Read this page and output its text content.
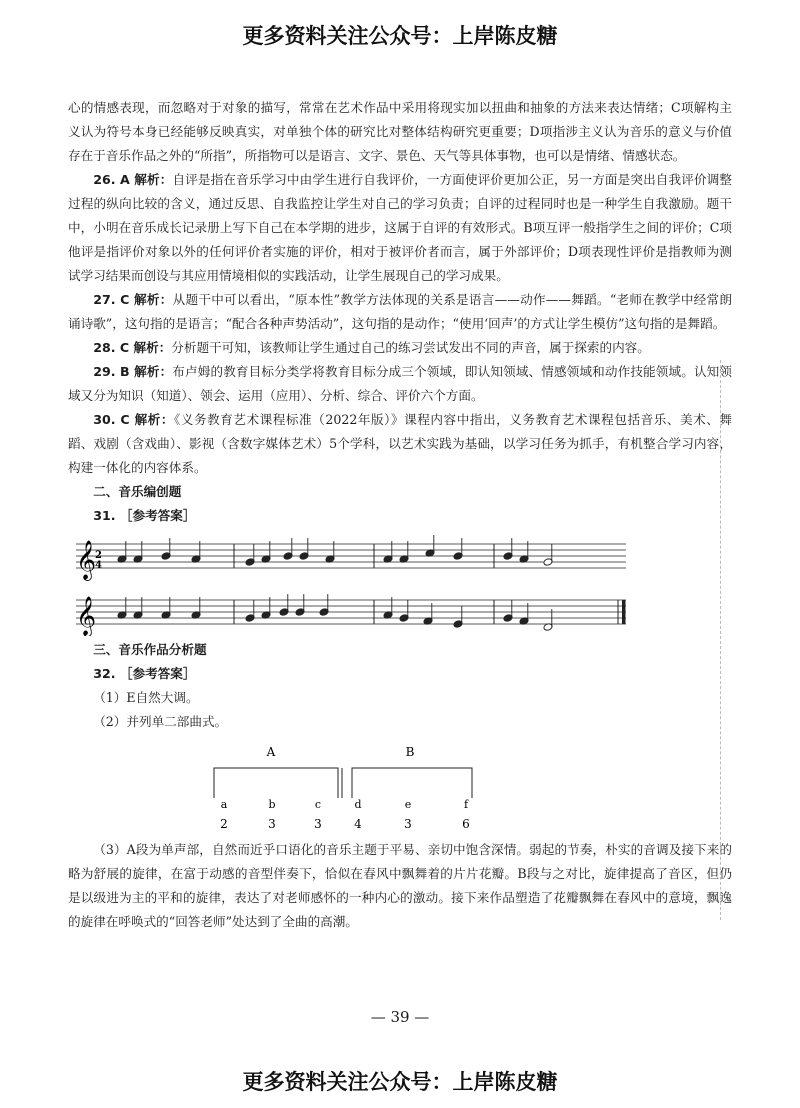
更多资料关注公众号：上岸陈皮糖

心的情感表现，而忽略对于对象的描写，常常在艺术作品中采用将现实加以扭曲和抽象的方法来表达情绪；C项解构主义认为符号本身已经能够反映真实，对单独个体的研究比对整体结构研究更重要；D项指涉主义认为音乐的意义与价值存在于音乐作品之外的“所指”，所指物可以是语言、文字、景色、天气等具体事物，也可以是情绪、情感状态。

26. A 解析：自评是指在音乐学习中由学生进行自我评价，一方面使评价更加公正，另一方面是突出自我评价调整过程的纵向比较的含义，通过反思、自我监控让学生对自己的学习负责；自评的过程同时也是一种学生自我激励。题干中，小明在音乐成长记录册上写下自己在本学期的进步，这属于自评的有效形式。B项互评一般指学生之间的评价；C项他评是指评价对象以外的任何评价者实施的评价，相对于被评价者而言，属于外部评价；D项表现性评价是指教师为测试学习结果而创设与其应用情境相似的实践活动，让学生展现自己的学习成果。

27. C 解析：从题干中可以看出，“原本性”教学方法体现的关系是语言——动作——舞蹈。“老师在教学中经常朗诵诗歌”，这句指的是语言；“配合各种声势活动”，这句指的是动作；“使用‘回声’的方式让学生模仿”这句指的是舞蹈。

28. C 解析：分析题干可知，该教师让学生通过自己的练习尝试发出不同的声音，属于探索的内容。

29. B 解析：布卢姆的教育目标分类学将教育目标分成三个领域，即认知领域、情感领域和动作技能领域。认知领域又分为知识（知道）、领会、运用（应用）、分析、综合、评价六个方面。

30. C 解析：《义务教育艺术课程标准（2022年版）》课程内容中指出，义务教育艺术课程包括音乐、美术、舞蹈、戏剧（含戏曲）、影视（含数字媒体艺术）5个学科，以艺术实践为基础，以学习任务为抓手，有机整合学习内容，构建一体化的内容体系。

二、音乐编创题

31. ［参考答案］

𝄞
𝄞
2
4

三、音乐作品分析题

32. ［参考答案］

（1）E自然大调。

（2）并列单二部曲式。

A	B
a	b	c	d	e	f
2	3	3	4	3	6

（3）A段为单声部，自然而近乎口语化的音乐主题于平易、亲切中饱含深情。弱起的节奏，朴实的音调及接下来的略为舒展的旋律，在富于动感的音型伴奏下，恰似在春风中飘舞着的片片花瓣。B段与之对比，旋律提高了音区，但仍是以级进为主的平和的旋律，表达了对老师感怀的一种内心的激动。接下来作品塑造了花瓣飘舞在春风中的意境，飘逸的旋律在呼唤式的“回答老师”处达到了全曲的高潮。

— 39 —
更多资料关注公众号：上岸陈皮糖
